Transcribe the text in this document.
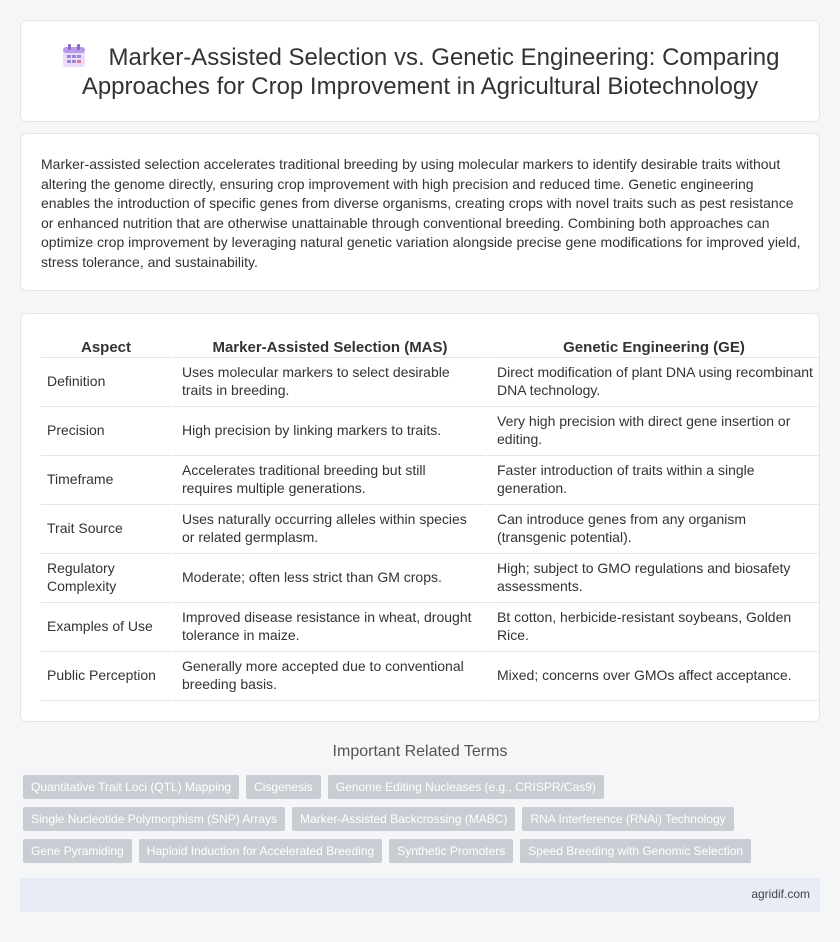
Marker-Assisted Selection vs. Genetic Engineering: Comparing
Approaches for Crop Improvement in Agricultural Biotechnology

Marker-assisted selection accelerates traditional breeding by using molecular markers to identify desirable traits without altering the genome directly, ensuring crop improvement with high precision and reduced time. Genetic engineering enables the introduction of specific genes from diverse organisms, creating crops with novel traits such as pest resistance or enhanced nutrition that are otherwise unattainable through conventional breeding. Combining both approaches can optimize crop improvement by leveraging natural genetic variation alongside precise gene modifications for improved yield, stress tolerance, and sustainability.

Aspect	Marker-Assisted Selection (MAS)	Genetic Engineering (GE)
Definition	Uses molecular markers to select desirable traits in breeding.	Direct modification of plant DNA using recombinant DNA technology.
Precision	High precision by linking markers to traits.	Very high precision with direct gene insertion or editing.
Timeframe	Accelerates traditional breeding but still requires multiple generations.	Faster introduction of traits within a single generation.
Trait Source	Uses naturally occurring alleles within species or related germplasm.	Can introduce genes from any organism (transgenic potential).
Regulatory Complexity	Moderate; often less strict than GM crops.	High; subject to GMO regulations and biosafety assessments.
Examples of Use	Improved disease resistance in wheat, drought tolerance in maize.	Bt cotton, herbicide-resistant soybeans, Golden Rice.
Public Perception	Generally more accepted due to conventional breeding basis.	Mixed; concerns over GMOs affect acceptance.
Important Related Terms
Quantitative Trait Loci (QTL) Mapping	Cisgenesis	Genome Editing Nucleases (e.g., CRISPR/Cas9)
Single Nucleotide Polymorphism (SNP) Arrays	Marker-Assisted Backcrossing (MABC)	RNA Interference (RNAi) Technology
Gene Pyramiding	Haploid Induction for Accelerated Breeding	Synthetic Promoters	Speed Breeding with Genomic Selection
agridif.com
